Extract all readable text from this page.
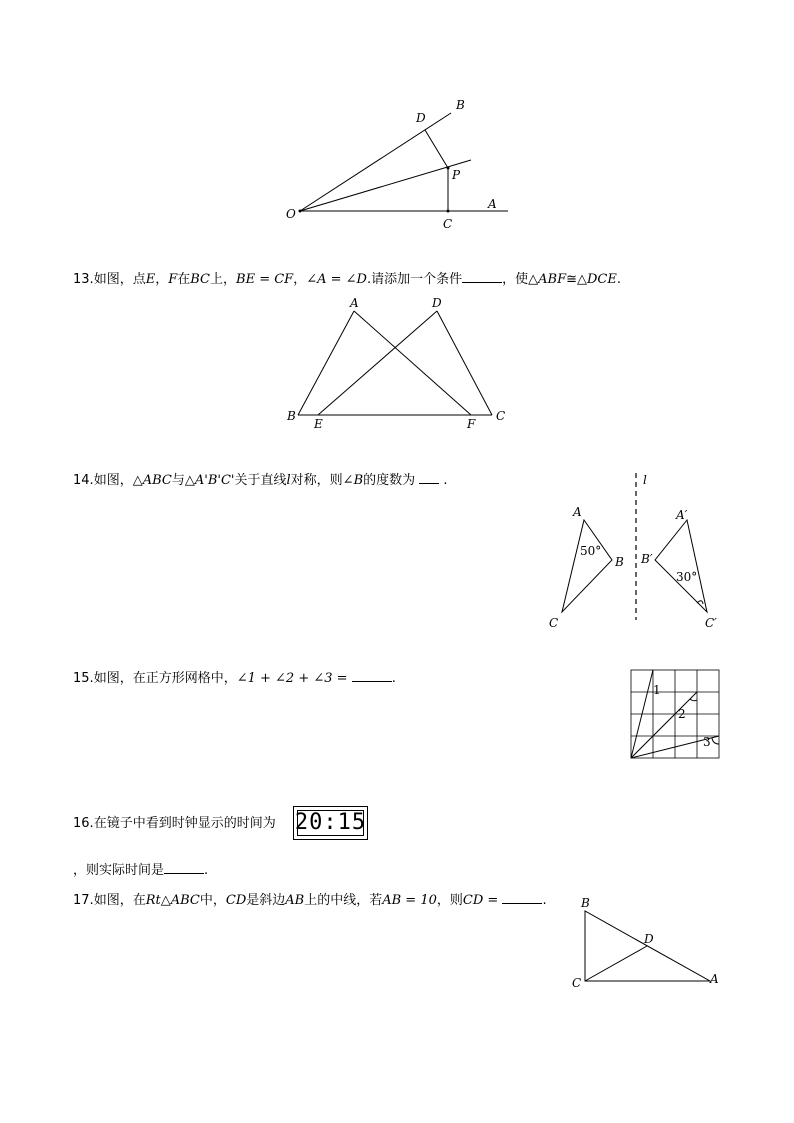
O
B
D
P
A
C
13.如图，点E，F在BC上，BE = CF，∠A = ∠D.请添加一个条件	，使△ABF≅△DCE.
A	D
B
E	F
C
14.如图，△ABC与△A'B'C'关于直线l对称，则∠B的度数为 .	l
A
B
C
50°
A′
B′
C′
30°
15.如图，在正方形网格中，∠1 + ∠2 + ∠3 =	.
1
2
3
16.在镜子中看到时钟显示的时间为 20:15
，则实际时间是	.
17.如图，在Rt△ABC中，CD是斜边AB上的中线，若AB = 10，则CD =	.	B
D
C	A
